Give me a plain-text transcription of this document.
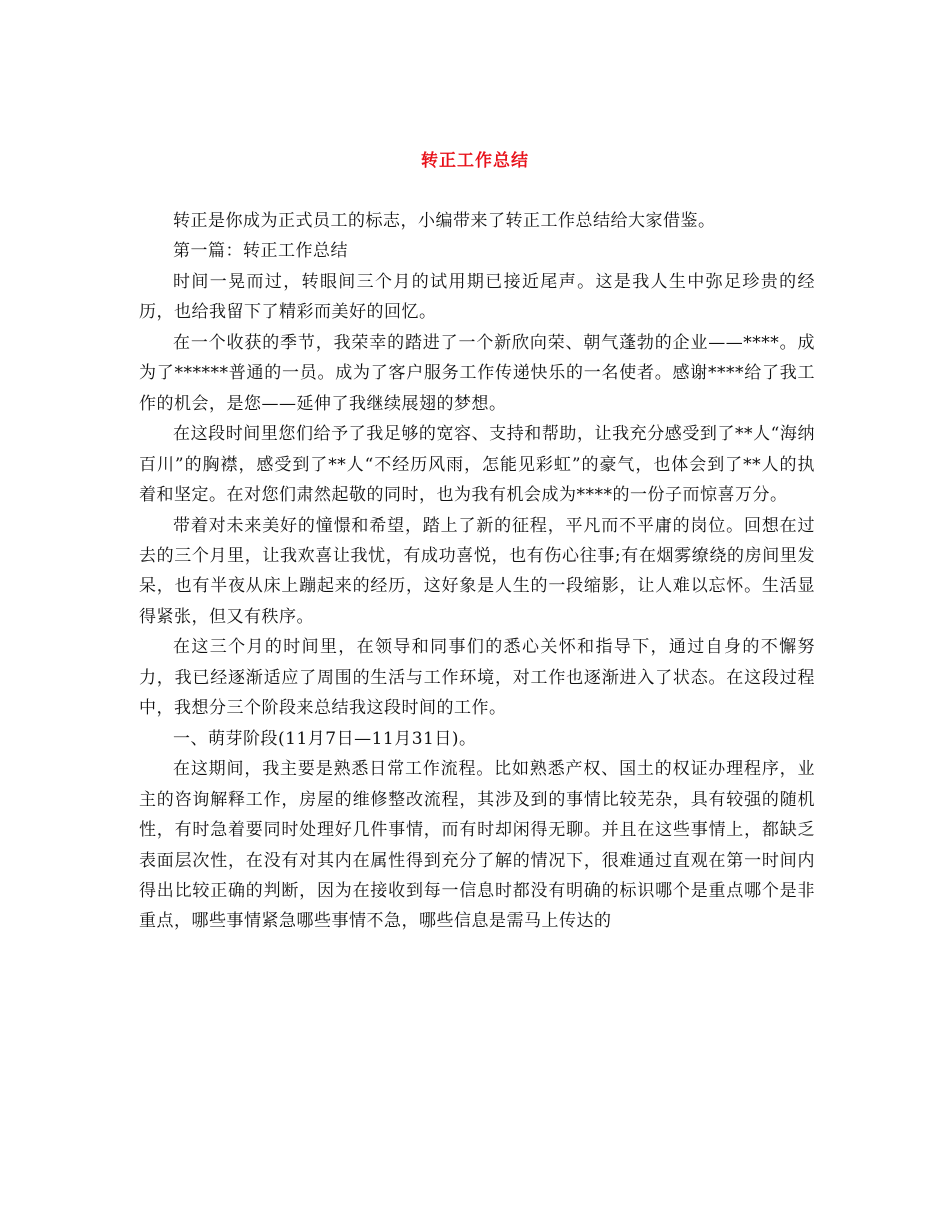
转正工作总结

转正是你成为正式员工的标志，小编带来了转正工作总结给大家借鉴。

第一篇：转正工作总结

时间一晃而过，转眼间三个月的试用期已接近尾声。这是我人生中弥足珍贵的经历，也给我留下了精彩而美好的回忆。

在一个收获的季节，我荣幸的踏进了一个新欣向荣、朝气蓬勃的企业——****。成为了******普通的一员。成为了客户服务工作传递快乐的一名使者。感谢****给了我工作的机会，是您——延伸了我继续展翅的梦想。

在这段时间里您们给予了我足够的宽容、支持和帮助，让我充分感受到了**人“海纳百川”的胸襟，感受到了**人“不经历风雨，怎能见彩虹”的豪气，也体会到了**人的执着和坚定。在对您们肃然起敬的同时，也为我有机会成为****的一份子而惊喜万分。

带着对未来美好的憧憬和希望，踏上了新的征程，平凡而不平庸的岗位。回想在过去的三个月里，让我欢喜让我忧，有成功喜悦，也有伤心往事;有在烟雾缭绕的房间里发呆，也有半夜从床上蹦起来的经历，这好象是人生的一段缩影，让人难以忘怀。生活显得紧张，但又有秩序。

在这三个月的时间里，在领导和同事们的悉心关怀和指导下，通过自身的不懈努力，我已经逐渐适应了周围的生活与工作环境，对工作也逐渐进入了状态。在这段过程中，我想分三个阶段来总结我这段时间的工作。

一、萌芽阶段(11月7日—11月31日)。

在这期间，我主要是熟悉日常工作流程。比如熟悉产权、国土的权证办理程序，业主的咨询解释工作，房屋的维修整改流程，其涉及到的事情比较芜杂，具有较强的随机性，有时急着要同时处理好几件事情，而有时却闲得无聊。并且在这些事情上，都缺乏表面层次性，在没有对其内在属性得到充分了解的情况下，很难通过直观在第一时间内得出比较正确的判断，因为在接收到每一信息时都没有明确的标识哪个是重点哪个是非重点，哪些事情紧急哪些事情不急，哪些信息是需马上传达的
